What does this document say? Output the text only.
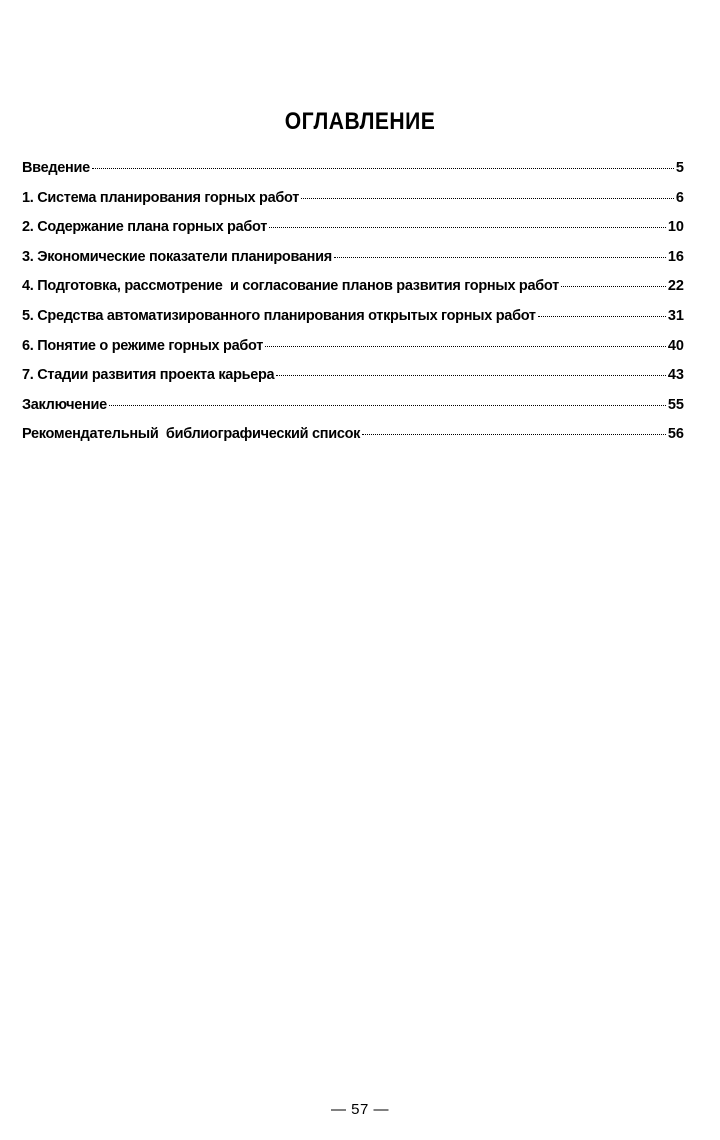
ОГЛАВЛЕНИЕ
Введение	5
1. Система планирования горных работ	6
2. Содержание плана горных работ	10
3. Экономические показатели планирования	16
4. Подготовка, рассмотрение  и согласование планов развития горных работ	22
5. Средства автоматизированного планирования открытых горных работ	31
6. Понятие о режиме горных работ	40
7. Стадии развития проекта карьера	43
Заключение	55
Рекомендательный  библиографический список	56
— 57 —
